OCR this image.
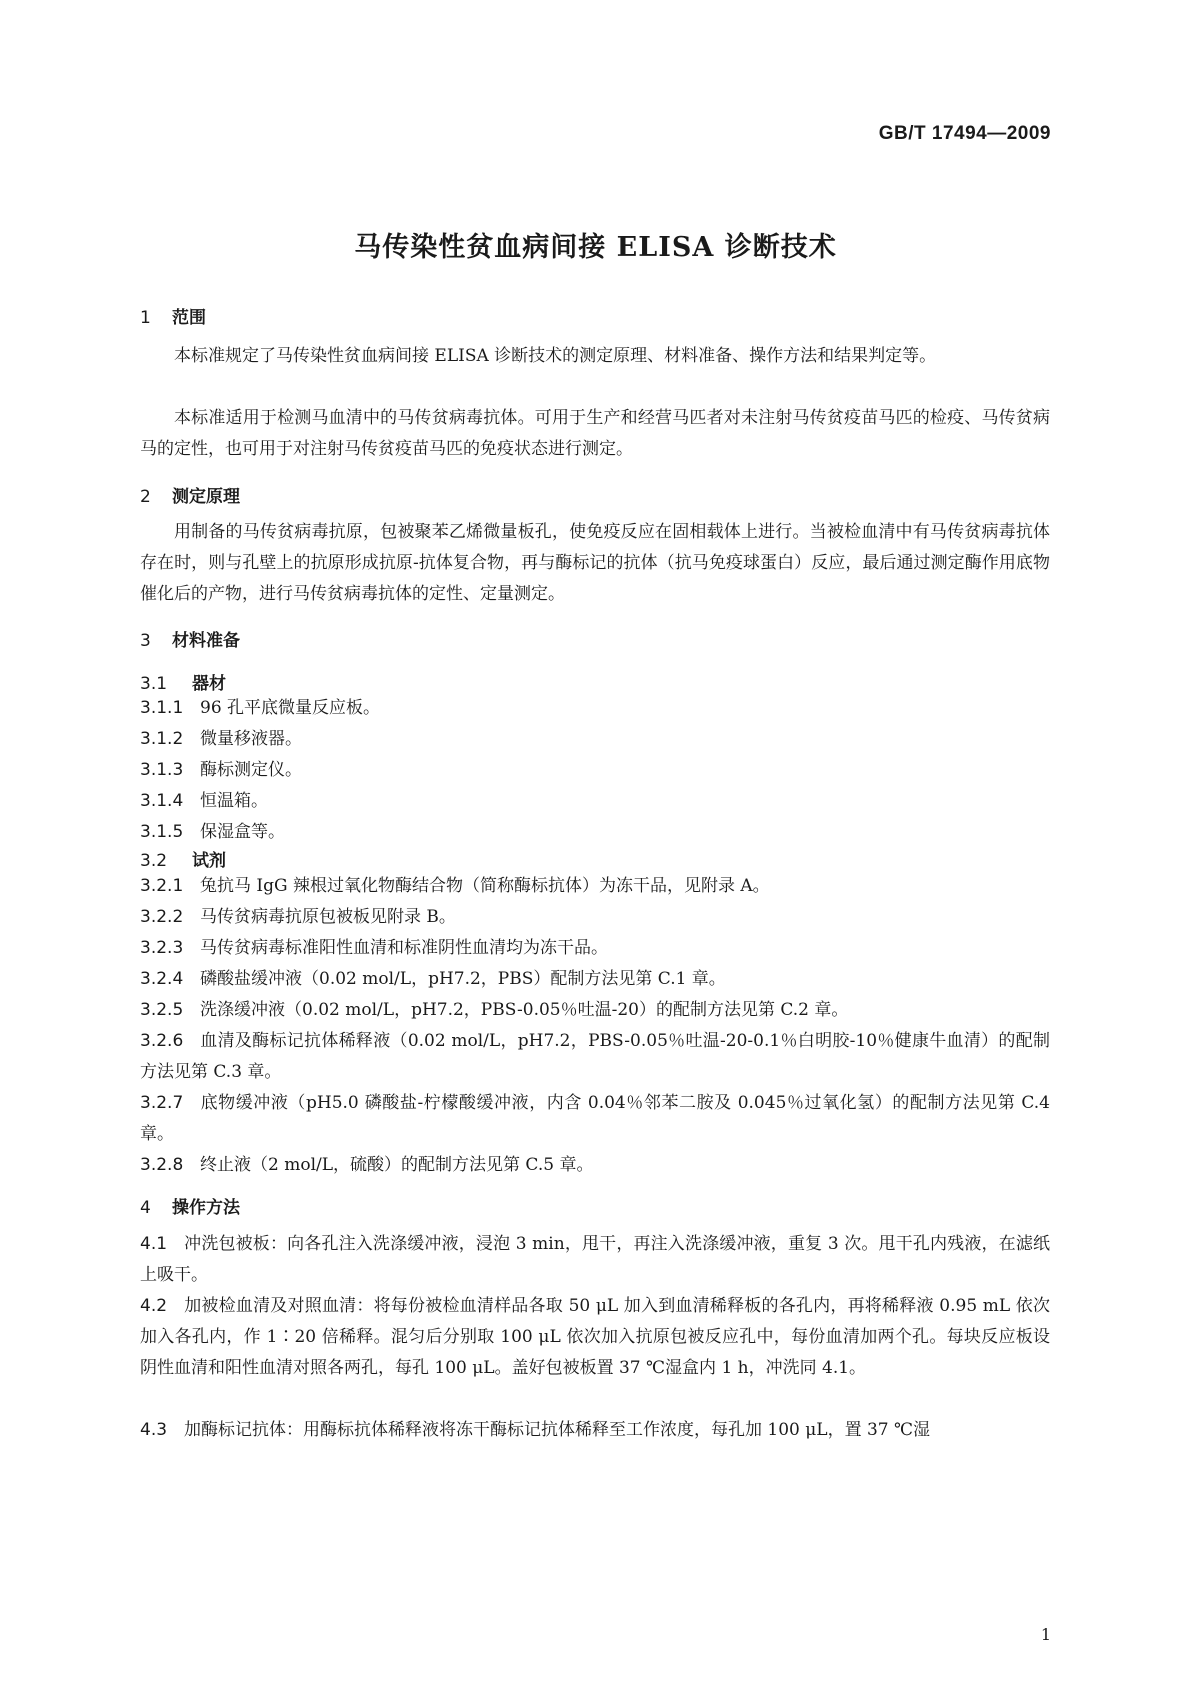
GB/T 17494—2009
马传染性贫血病间接 ELISA 诊断技术
1 范围
本标准规定了马传染性贫血病间接 ELISA 诊断技术的测定原理、材料准备、操作方法和结果判定等。
本标准适用于检测马血清中的马传贫病毒抗体。可用于生产和经营马匹者对未注射马传贫疫苗马匹的检疫、马传贫病马的定性，也可用于对注射马传贫疫苗马匹的免疫状态进行测定。
2 测定原理
用制备的马传贫病毒抗原，包被聚苯乙烯微量板孔，使免疫反应在固相载体上进行。当被检血清中有马传贫病毒抗体存在时，则与孔壁上的抗原形成抗原-抗体复合物，再与酶标记的抗体（抗马免疫球蛋白）反应，最后通过测定酶作用底物催化后的产物，进行马传贫病毒抗体的定性、定量测定。
3 材料准备
3.1 器材
3.1.1 96 孔平底微量反应板。
3.1.2 微量移液器。
3.1.3 酶标测定仪。
3.1.4 恒温箱。
3.1.5 保湿盒等。
3.2 试剂
3.2.1 兔抗马 IgG 辣根过氧化物酶结合物（简称酶标抗体）为冻干品，见附录 A。
3.2.2 马传贫病毒抗原包被板见附录 B。
3.2.3 马传贫病毒标准阳性血清和标准阴性血清均为冻干品。
3.2.4 磷酸盐缓冲液（0.02 mol/L，pH7.2，PBS）配制方法见第 C.1 章。
3.2.5 洗涤缓冲液（0.02 mol/L，pH7.2，PBS-0.05％吐温-20）的配制方法见第 C.2 章。
3.2.6 血清及酶标记抗体稀释液（0.02 mol/L，pH7.2，PBS-0.05％吐温-20-0.1％白明胶-10％健康牛血清）的配制方法见第 C.3 章。
3.2.7 底物缓冲液（pH5.0 磷酸盐-柠檬酸缓冲液，内含 0.04％邻苯二胺及 0.045％过氧化氢）的配制方法见第 C.4 章。
3.2.8 终止液（2 mol/L，硫酸）的配制方法见第 C.5 章。
4 操作方法
4.1 冲洗包被板：向各孔注入洗涤缓冲液，浸泡 3 min，甩干，再注入洗涤缓冲液，重复 3 次。甩干孔内残液，在滤纸上吸干。
4.2 加被检血清及对照血清：将每份被检血清样品各取 50 μL 加入到血清稀释板的各孔内，再将稀释液 0.95 mL 依次加入各孔内，作 1∶20 倍稀释。混匀后分别取 100 μL 依次加入抗原包被反应孔中，每份血清加两个孔。每块反应板设阴性血清和阳性血清对照各两孔，每孔 100 μL。盖好包被板置 37 ℃湿盒内 1 h，冲洗同 4.1。
4.3 加酶标记抗体：用酶标抗体稀释液将冻干酶标记抗体稀释至工作浓度，每孔加 100 μL，置 37 ℃湿
1
